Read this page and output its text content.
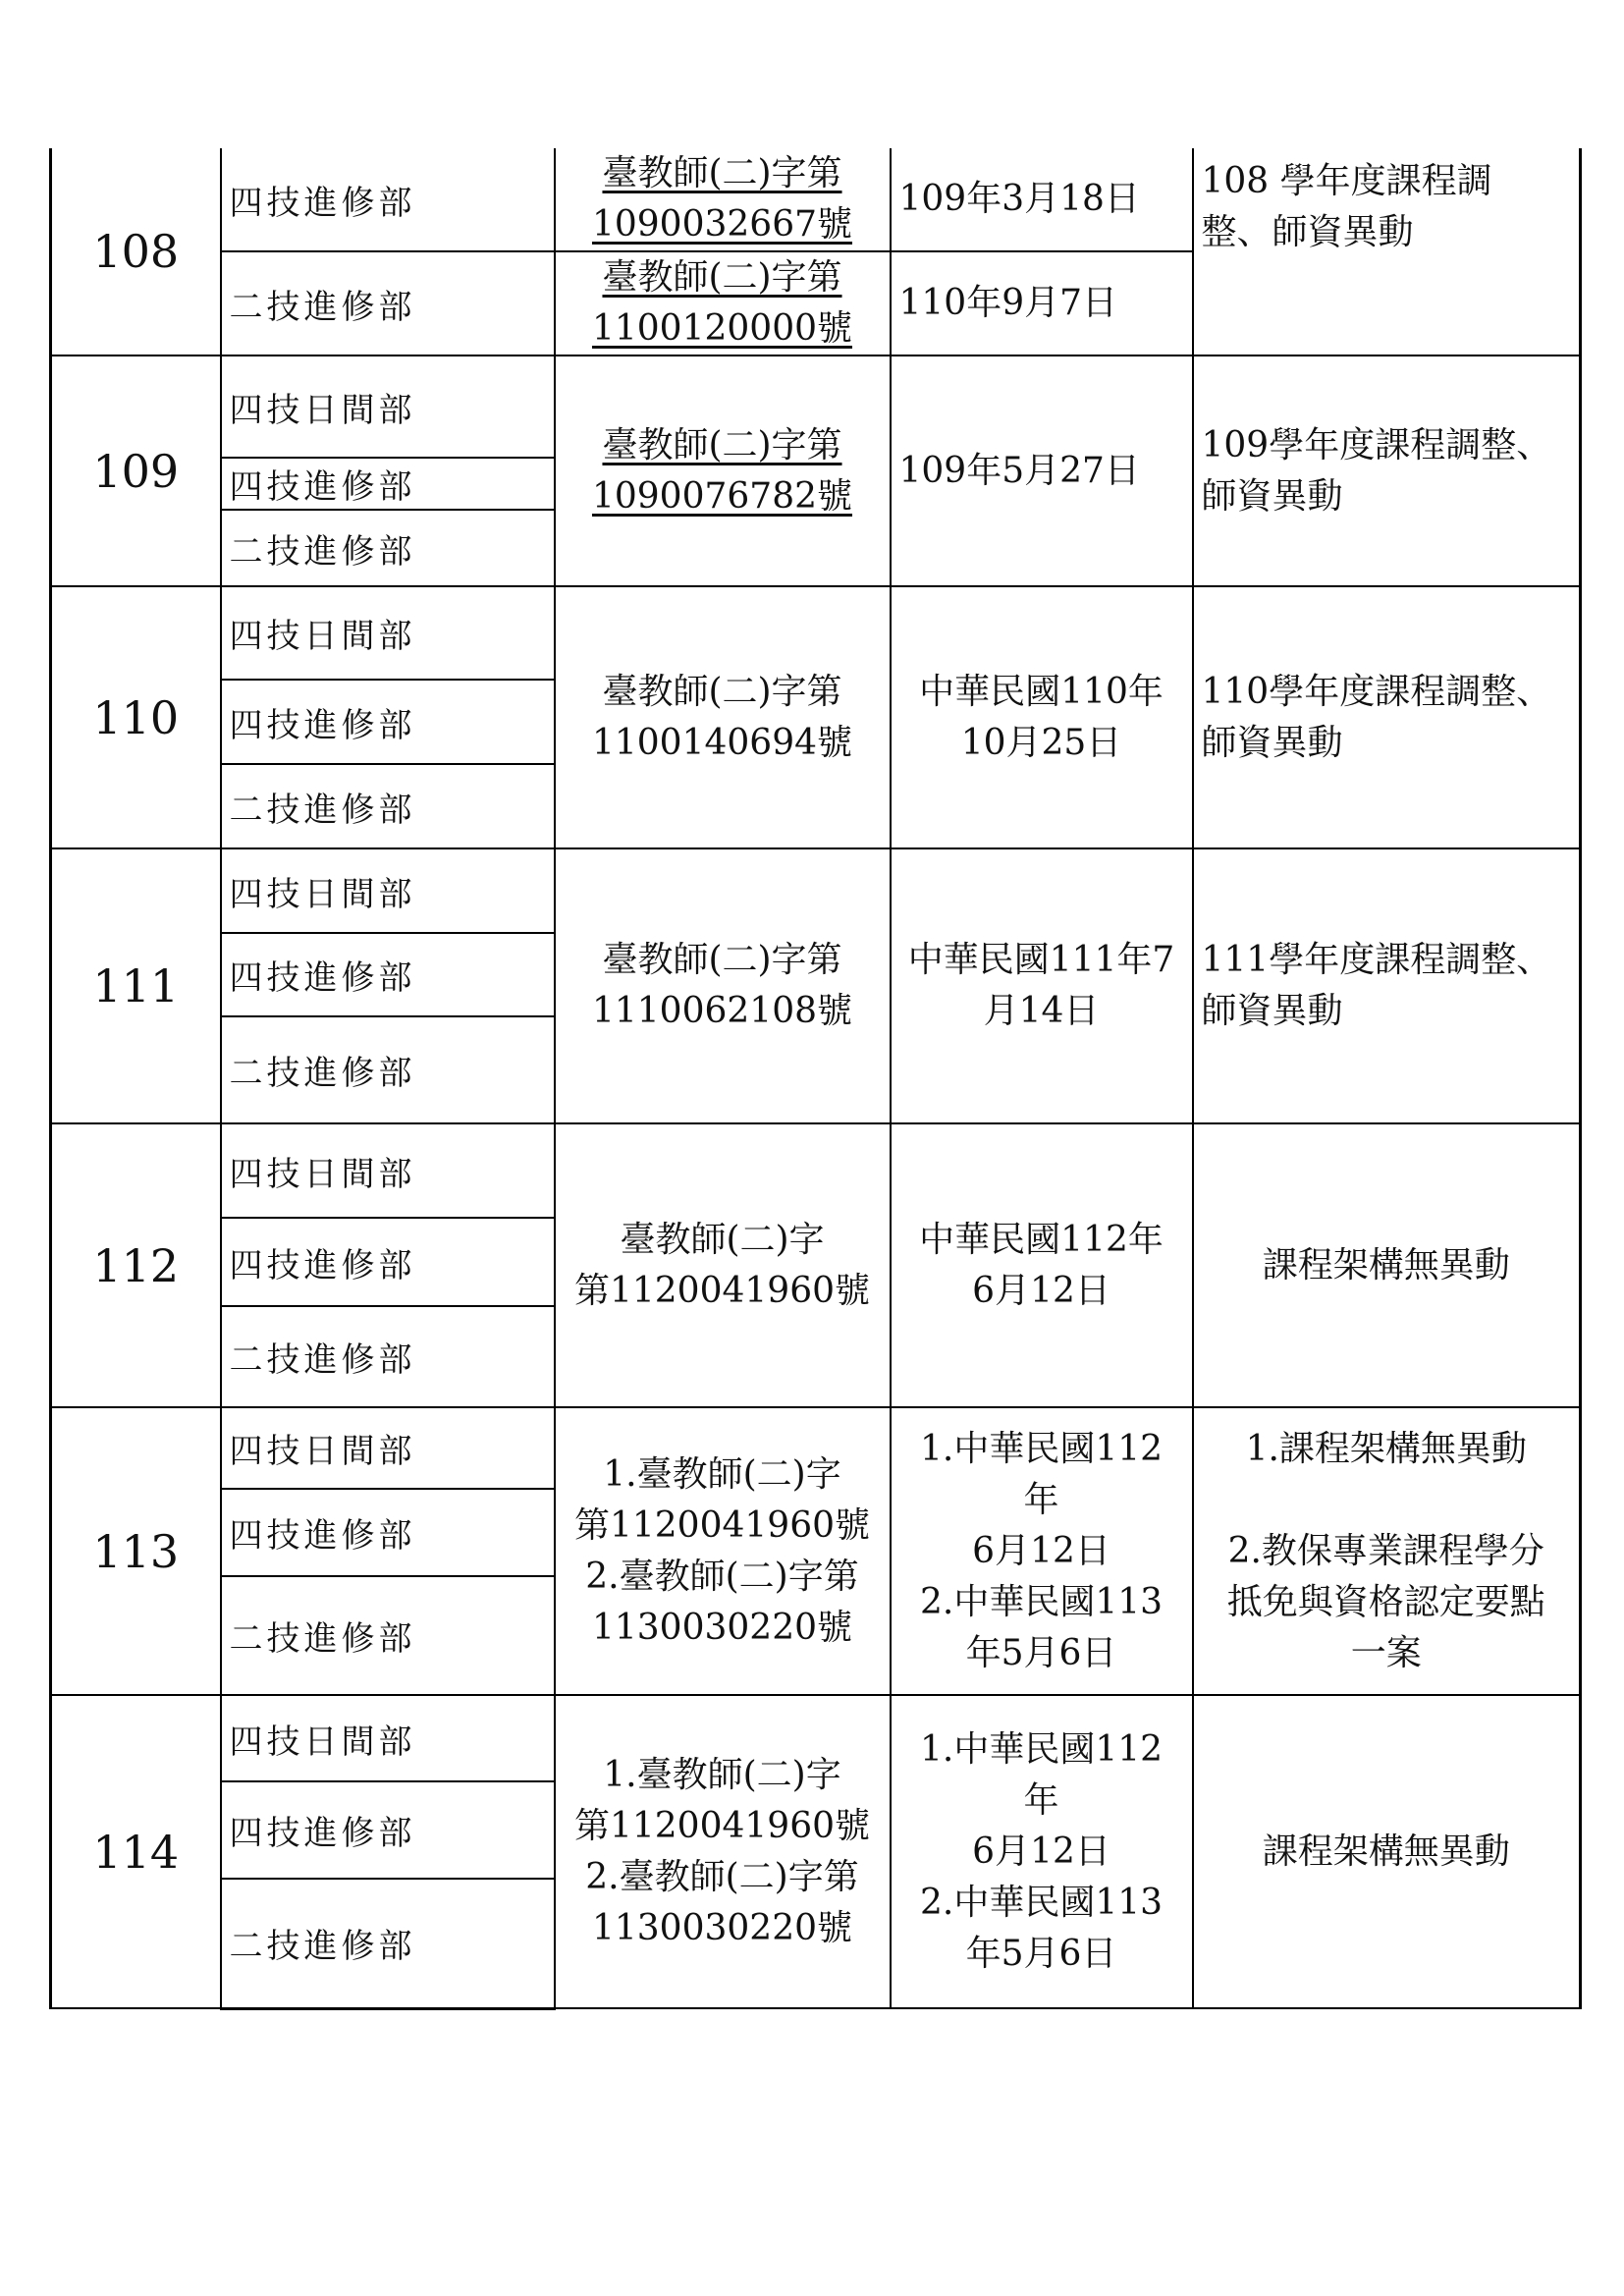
108	四技進修部	臺教師(二)字第
1090032667號	109年3月18日	108 學年度課程調
整、師資異動

	二技進修部	臺教師(二)字第
1100120000號	110年9月7日	
109	四技日間部	臺教師(二)字第
1090076782號	109年5月27日	109學年度課程調整、
師資異動

	四技進修部			
	二技進修部			
110	四技日間部	臺教師(二)字第
1100140694號	中華民國110年
10月25日	110學年度課程調整、
師資異動

	四技進修部			
	二技進修部			
111	四技日間部	臺教師(二)字第
1110062108號	中華民國111年7
月14日	111學年度課程調整、
師資異動

	四技進修部			
	二技進修部			
112	四技日間部	臺教師(二)字
第1120041960號	中華民國112年
6月12日	課程架構無異動

	四技進修部			
	二技進修部			
113	四技日間部	1.臺教師(二)字
第1120041960號
2.臺教師(二)字第
1130030220號	1.中華民國112
年
6月12日
2.中華民國113
年5月6日	1.課程架構無異動

2.教保專業課程學分
抵免與資格認定要點
一案

	四技進修部			
	二技進修部			
114	四技日間部	1.臺教師(二)字
第1120041960號
2.臺教師(二)字第
1130030220號	1.中華民國112
年
6月12日
2.中華民國113
年5月6日	課程架構無異動

	四技進修部			
	二技進修部			
